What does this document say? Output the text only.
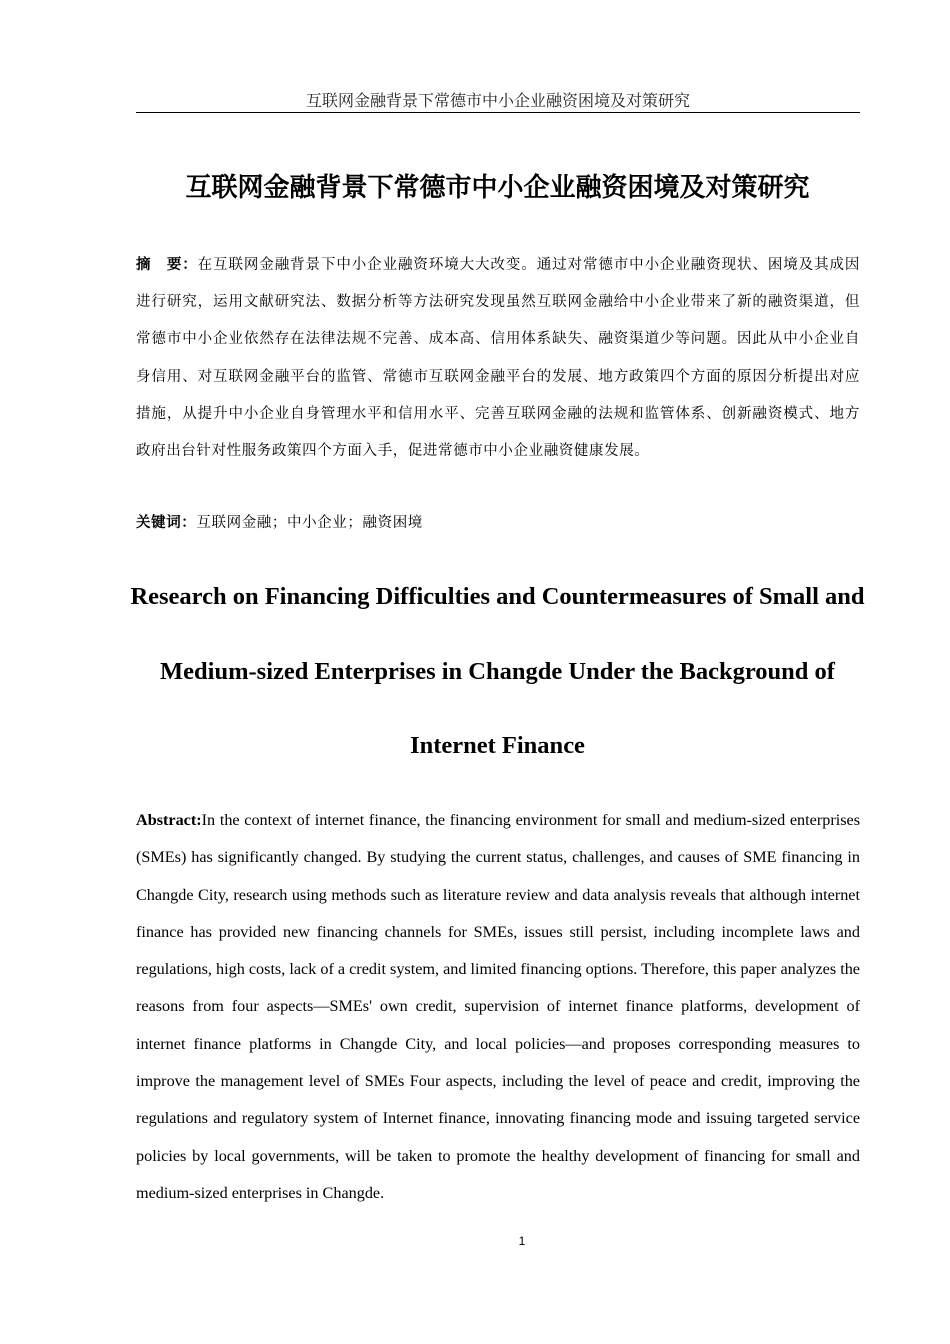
互联网金融背景下常德市中小企业融资困境及对策研究
互联网金融背景下常德市中小企业融资困境及对策研究
摘　要：在互联网金融背景下中小企业融资环境大大改变。通过对常德市中小企业融资现状、困境及其成因进行研究，运用文献研究法、数据分析等方法研究发现虽然互联网金融给中小企业带来了新的融资渠道，但常德市中小企业依然存在法律法规不完善、成本高、信用体系缺失、融资渠道少等问题。因此从中小企业自身信用、对互联网金融平台的监管、常德市互联网金融平台的发展、地方政策四个方面的原因分析提出对应措施，从提升中小企业自身管理水平和信用水平、完善互联网金融的法规和监管体系、创新融资模式、地方政府出台针对性服务政策四个方面入手，促进常德市中小企业融资健康发展。
关键词：互联网金融；中小企业；融资困境
Research on Financing Difficulties and Countermeasures of Small and Medium-sized Enterprises in Changde Under the Background of Internet Finance
Abstract:In the context of internet finance, the financing environment for small and medium-sized enterprises (SMEs) has significantly changed. By studying the current status, challenges, and causes of SME financing in Changde City, research using methods such as literature review and data analysis reveals that although internet finance has provided new financing channels for SMEs, issues still persist, including incomplete laws and regulations, high costs, lack of a credit system, and limited financing options. Therefore, this paper analyzes the reasons from four aspects—SMEs' own credit, supervision of internet finance platforms, development of internet finance platforms in Changde City, and local policies—and proposes corresponding measures to improve the management level of SMEs Four aspects, including the level of peace and credit, improving the regulations and regulatory system of Internet finance, innovating financing mode and issuing targeted service policies by local governments, will be taken to promote the healthy development of financing for small and medium-sized enterprises in Changde.
1
